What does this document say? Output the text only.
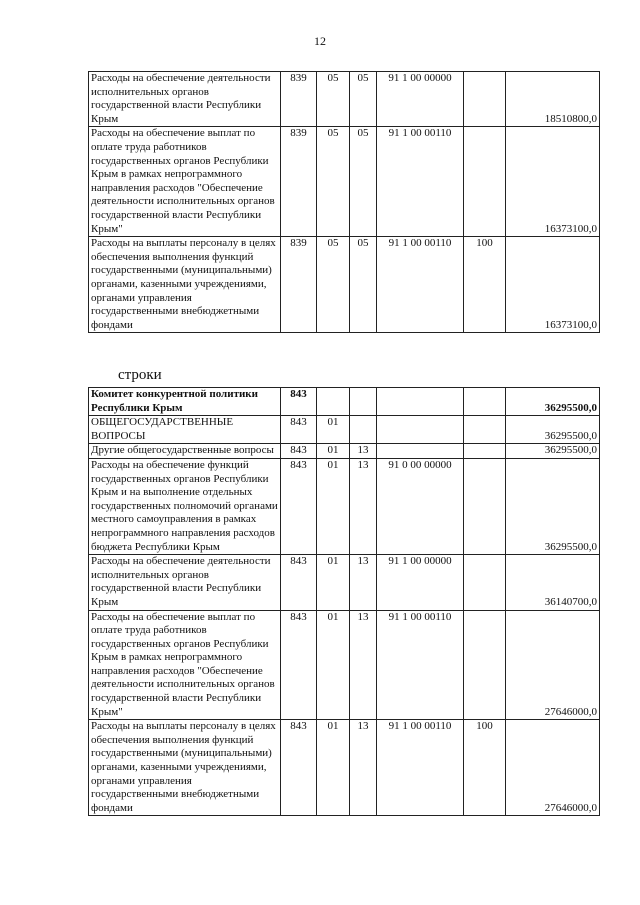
12
Расходы на обеспечение деятельности исполнительных органов государственной власти Республики Крым	839	05	05	91 1 00 00000		18510800,0
Расходы на обеспечение выплат по оплате труда работников государственных органов Республики Крым в рамках непрограммного направления расходов "Обеспечение деятельности исполнительных органов государственной власти Республики Крым"	839	05	05	91 1 00 00110		16373100,0
Расходы на выплаты персоналу в целях обеспечения выполнения функций государственными (муниципальными) органами, казенными учреждениями, органами управления государственными внебюджетными фондами	839	05	05	91 1 00 00110	100	16373100,0
строки
Комитет конкурентной политики Республики Крым	843					36295500,0
ОБЩЕГОСУДАРСТВЕННЫЕ ВОПРОСЫ	843	01				36295500,0
Другие общегосударственные вопросы	843	01	13			36295500,0
Расходы на обеспечение функций государственных органов Республики Крым и на выполнение отдельных государственных полномочий органами местного самоуправления в рамках непрограммного направления расходов бюджета Республики Крым	843	01	13	91 0 00 00000		36295500,0
Расходы на обеспечение деятельности исполнительных органов государственной власти Республики Крым	843	01	13	91 1 00 00000		36140700,0
Расходы на обеспечение выплат по оплате труда работников государственных органов Республики Крым в рамках непрограммного направления расходов "Обеспечение деятельности исполнительных органов государственной власти Республики Крым"	843	01	13	91 1 00 00110		27646000,0
Расходы на выплаты персоналу в целях обеспечения выполнения функций государственными (муниципальными) органами, казенными учреждениями, органами управления государственными внебюджетными фондами	843	01	13	91 1 00 00110	100	27646000,0
